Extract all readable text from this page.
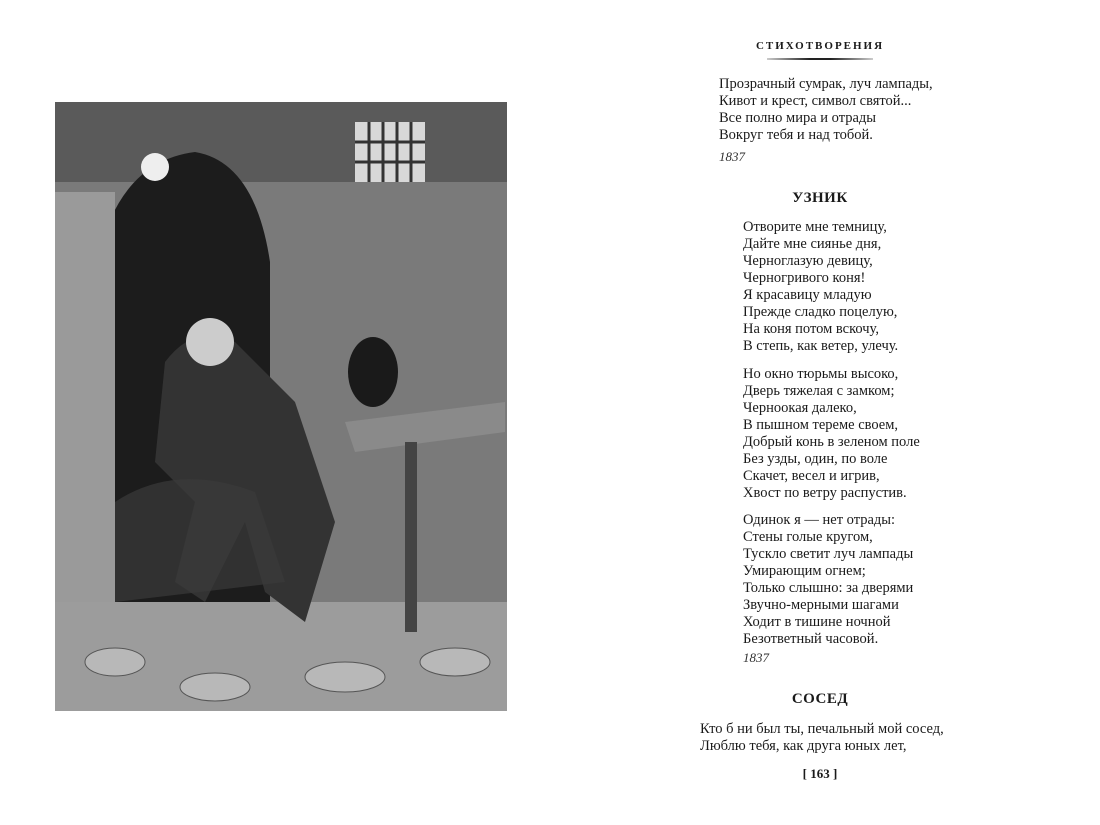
СТИХОТВОРЕНИЯ
Прозрачный сумрак, луч лампады,
Кивот и крест, символ святой...
Все полно мира и отрады
Вокруг тебя и над тобой.
1837
УЗНИК
Отворите мне темницу,
Дайте мне сиянье дня,
Черноглазую девицу,
Черногривого коня!
Я красавицу младую
Прежде сладко поцелую,
На коня потом вскочу,
В степь, как ветер, улечу.
Но окно тюрьмы высоко,
Дверь тяжелая с замком;
Черноокая далеко,
В пышном тереме своем,
Добрый конь в зеленом поле
Без узды, один, по воле
Скачет, весел и игрив,
Хвост по ветру распустив.
Одинок я — нет отрады:
Стены голые кругом,
Тускло светит луч лампады
Умирающим огнем;
Только слышно: за дверями
Звучно-мерными шагами
Ходит в тишине ночной
Безответный часовой.
1837
СОСЕД
Кто б ни был ты, печальный мой сосед,
Люблю тебя, как друга юных лет,
[ 163 ]
